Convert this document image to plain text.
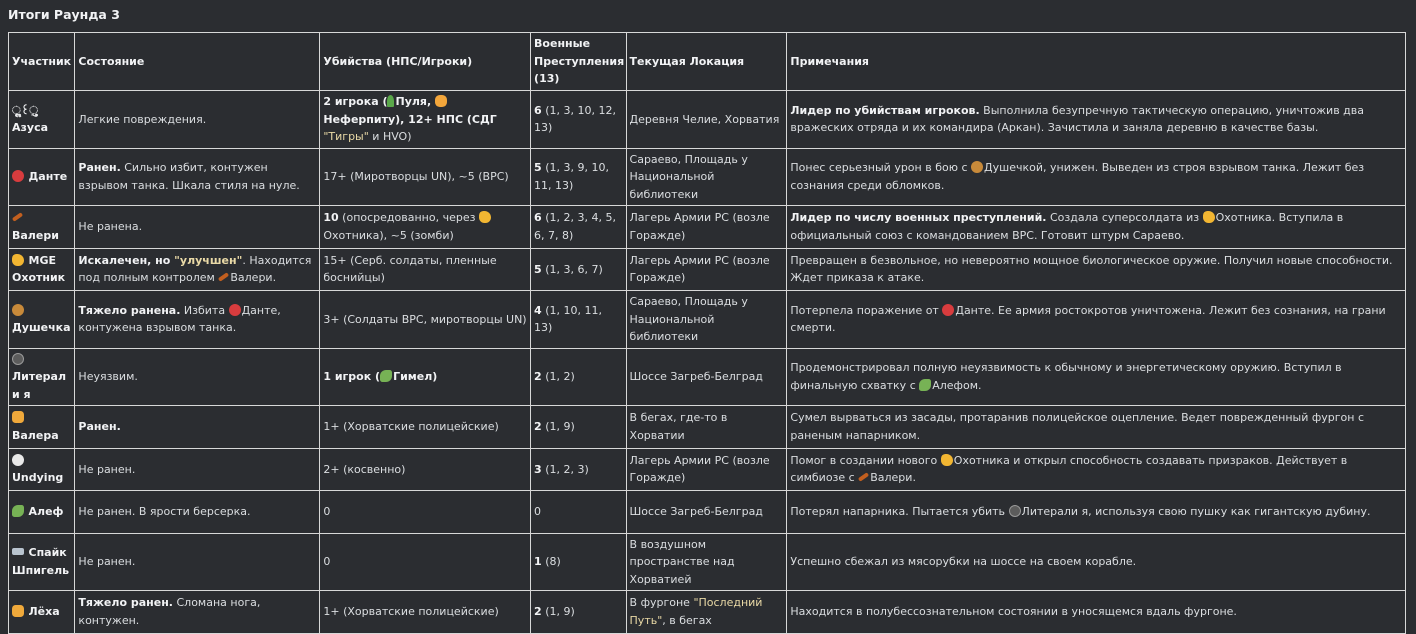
Итоги Раунда 3
Участник	Состояние	Убийства (НПС/Игроки)	Военные Преступления (13)	Текущая Локация	Примечания
ૢ̥꒰ુAзуса	Легкие повреждения.	2 игрока ( Пуля, Неферпиту), 12+ НПС (СДГ "Тигры" и HVO)	6 (1, 3, 10, 12, 13)	Деревня Челие, Хорватия	Лидер по убийствам игроков. Выполнила безупречную тактическую операцию, уничтожив два вражеских отряда и их командира (Аркан). Зачистила и заняла деревню в качестве базы.
Данте	Ранен. Сильно избит, контужен взрывом танка. Шкала стиля на нуле.	17+ (Миротворцы UN), ~5 (ВРС)	5 (1, 3, 9, 10, 11, 13)	Сараево, Площадь у Национальной библиотеки	Понес серьезный урон в бою с Душечкой, унижен. Выведен из строя взрывом танка. Лежит без сознания среди обломков.
Валери	Не ранена.	10 (опосредованно, через Охотника), ~5 (зомби)	6 (1, 2, 3, 4, 5, 6, 7, 8)	Лагерь Армии РС (возле Горажде)	Лидер по числу военных преступлений. Создала суперсолдата из Охотника. Вступила в официальный союз с командованием ВРС. Готовит штурм Сараево.
MGE Охотник	Искалечен, но "улучшен". Находится под полным контролем Валери.	15+ (Серб. солдаты, пленные боснийцы)	5 (1, 3, 6, 7)	Лагерь Армии РС (возле Горажде)	Превращен в безвольное, но невероятно мощное биологическое оружие. Получил новые способности. Ждет приказа к атаке.
Душечка	Тяжело ранена. Избита Данте, контужена взрывом танка.	3+ (Солдаты ВРС, миротворцы UN)	4 (1, 10, 11, 13)	Сараево, Площадь у Национальной библиотеки	Потерпела поражение от Данте. Ее армия ростокротов уничтожена. Лежит без сознания, на грани смерти.
Литерал и я	Неуязвим.	1 игрок ( Гимел)	2 (1, 2)	Шоссе Загреб-Белград	Продемонстрировал полную неуязвимость к обычному и энергетическому оружию. Вступил в финальную схватку с Алефом.
Валера	Ранен.	1+ (Хорватские полицейские)	2 (1, 9)	В бегах, где-то в Хорватии	Сумел вырваться из засады, протаранив полицейское оцепление. Ведет поврежденный фургон с раненым напарником.
Undying	Не ранен.	2+ (косвенно)	3 (1, 2, 3)	Лагерь Армии РС (возле Горажде)	Помог в создании нового Охотника и открыл способность создавать призраков. Действует в симбиозе с Валери.
Алеф	Не ранен. В ярости берсерка.	0	0	Шоссе Загреб-Белград	Потерял напарника. Пытается убить Литерали я, используя свою пушку как гигантскую дубину.
Спайк Шпигель	Не ранен.	0	1 (8)	В воздушном пространстве над Хорватией	Успешно сбежал из мясорубки на шоссе на своем корабле.
Лёха	Тяжело ранен. Сломана нога, контужен.	1+ (Хорватские полицейские)	2 (1, 9)	В фургоне "Последний Путь", в бегах	Находится в полубессознательном состоянии в уносящемся вдаль фургоне.
